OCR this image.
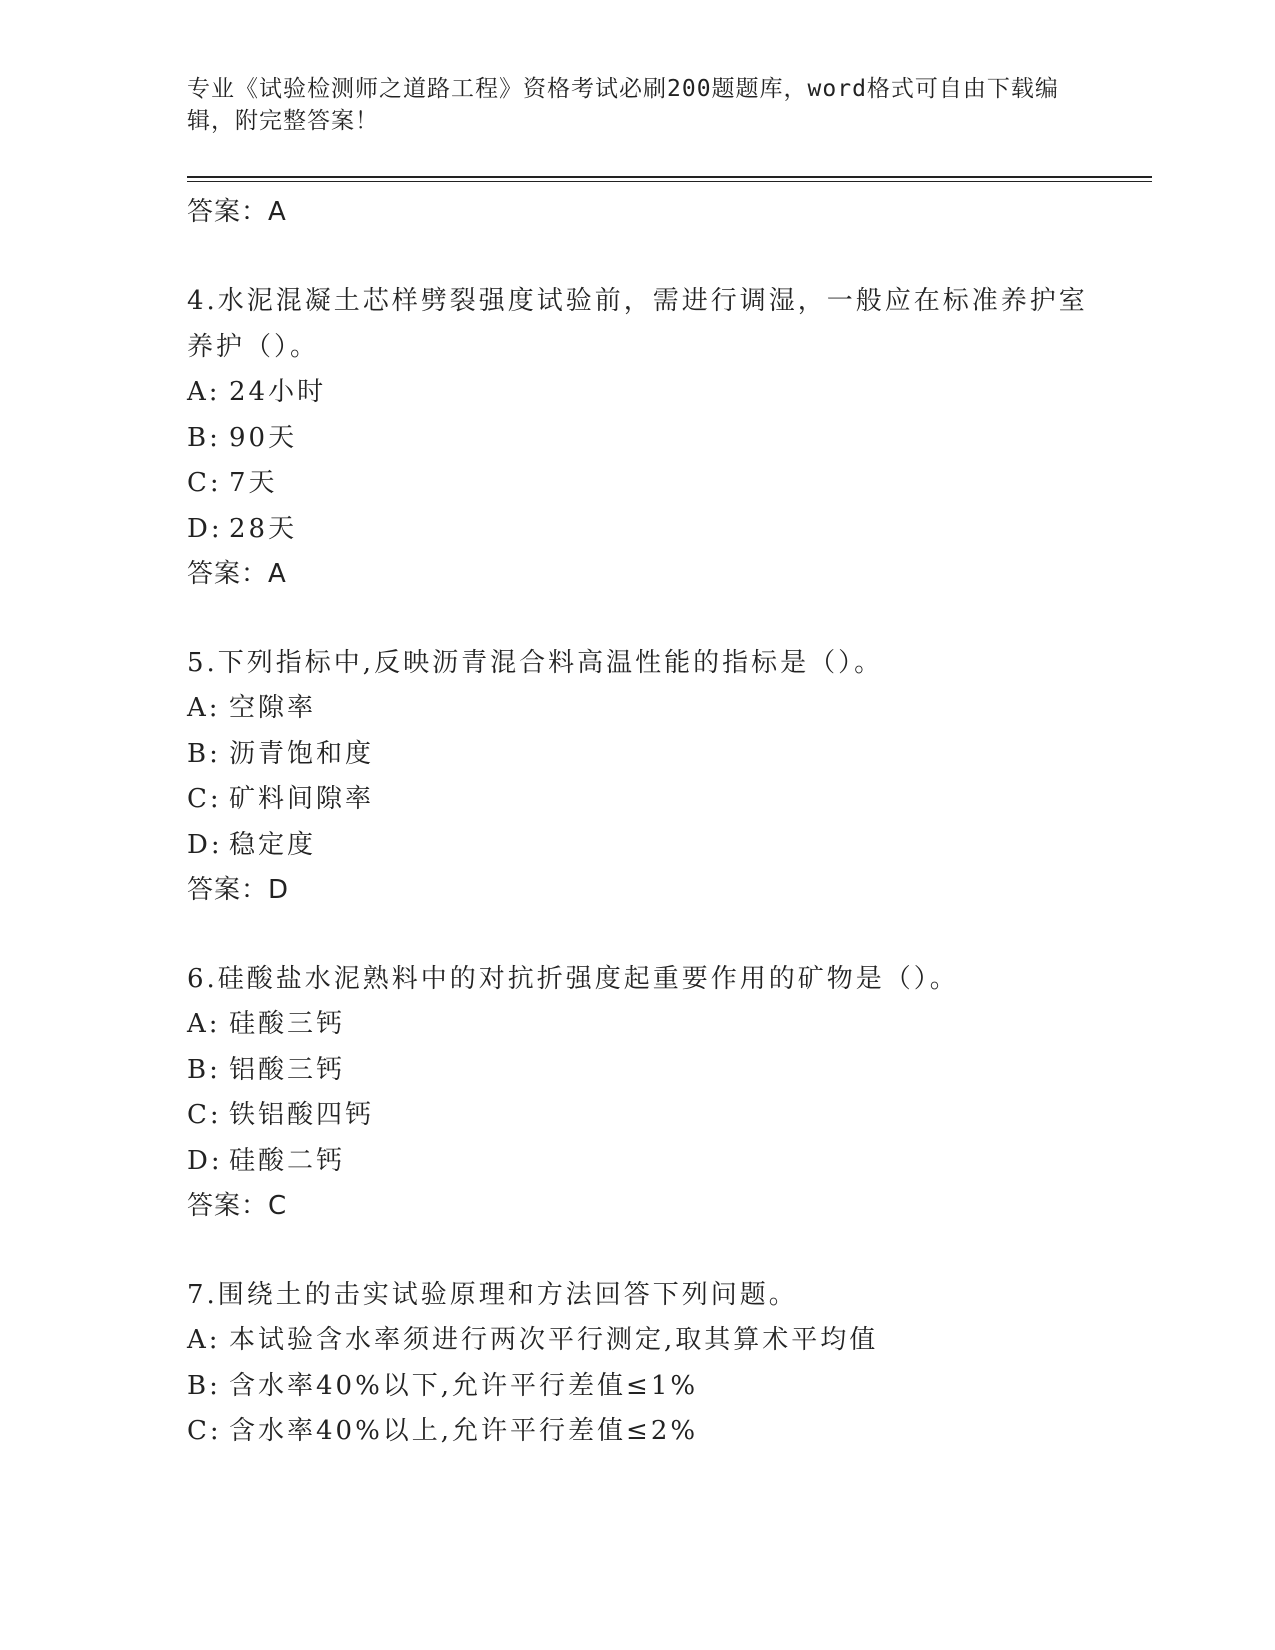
专业《试验检测师之道路工程》资格考试必刷200题题库，word格式可自由下载编辑，附完整答案！
答案：A
4.水泥混凝土芯样劈裂强度试验前，需进行调湿，一般应在标准养护室养护（）。
A: 24小时
B: 90天
C: 7天
D: 28天
答案：A
5.下列指标中,反映沥青混合料高温性能的指标是（）。
A: 空隙率
B: 沥青饱和度
C: 矿料间隙率
D: 稳定度
答案：D
6.硅酸盐水泥熟料中的对抗折强度起重要作用的矿物是（）。
A: 硅酸三钙
B: 铝酸三钙
C: 铁铝酸四钙
D: 硅酸二钙
答案：C
7.围绕土的击实试验原理和方法回答下列问题。
A: 本试验含水率须进行两次平行测定,取其算术平均值
B: 含水率40%以下,允许平行差值≤1%
C: 含水率40%以上,允许平行差值≤2%
